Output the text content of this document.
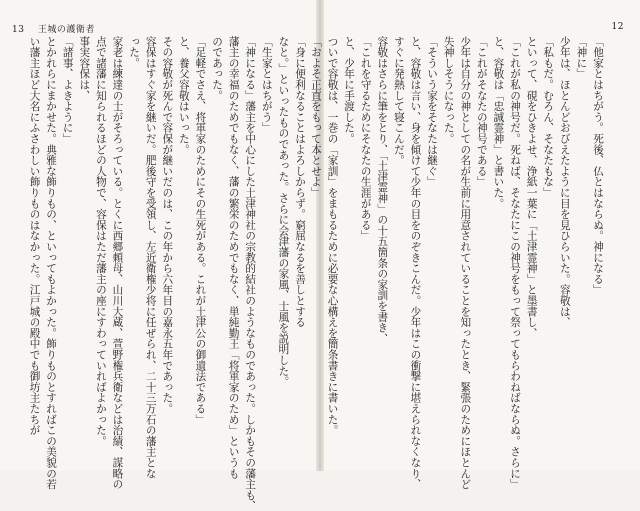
13 王城の護衛者	12
「身に便利なることはよろしからず。窮屈なるを善しとする
なと。」といったものであった。さらに会津藩の家風、士風を説明した。
「生家とはちがう」
「神になる」藩主を中心にした土津神社の宗教的結社のようなものであった。しかもその藩主も、
藩主の幸福のためでもなく、藩の繁栄のためでもなく、単純勤王「将軍家のため」というも
のであった。
「足軽でさえ、将軍家のためにその生死がある。これが土津公の御遺法である」
と、養父容敬はいった。
その容敬が死んで容保が継いだのは、この年から六年目の嘉永五年であった。
容保はすぐ家を継いだ。肥後守を受領し、左近衛権少将に任ぜられ、二十三万石の藩主とな
った。
家老は練達の士がそろっている。とくに西郷頼母、山川大蔵、萱野権兵衛などは治績、謀略の
点で諸藩に知られるほどの人物で、容保はただ藩主の座にすわっていればよかった。
事実容保は、
「諸事、よきように」
とかれらにまかせた。典雅な飾りもの、といってもよかった。飾りものとすればこの美貌の若
い藩主ほど大名にふさわしい飾りものはなかった。江戸城の殿中でも御坊主たちが	「他家とはちがう。死後、仏とはならぬ。神になる」
「神に」
少年は、ほとんどおびえたように目を見ひらいた。容敬は、
「私もだ。むろん、そなたもな」
といって、硯をひきよせ、浄紙一葉に「土津霊神」と墨書し、
「これが私の神号だ。死ねば、そなたにこの神号をもって祭ってもらわねばならぬ。さらに」
と、容敬は「忠誠霊神」と書いた。
「これがそなたの神号である」
少年は自分の神としての名が生前に用意されていることを知ったとき、緊張のためにほとんど
失神しそうになった。
「そういう家をそなたは継ぐ」
と、容敬は言い、身を傾けて少年の目をのぞきこんだ。少年はこの衝撃に堪えられなくなり、
すぐに発熱して寝こんだ。
容敬はさらに筆をとり、「土津霊神」の十五箇条の家訓を書き、
「これを守るためにそなたの生涯がある」
と、少年に手渡した。
ついで容敬は、一巻の「家訓」をまもるために必要な心構えを簡条書きに書いた。
「およそ正直をもって本とせよ」
